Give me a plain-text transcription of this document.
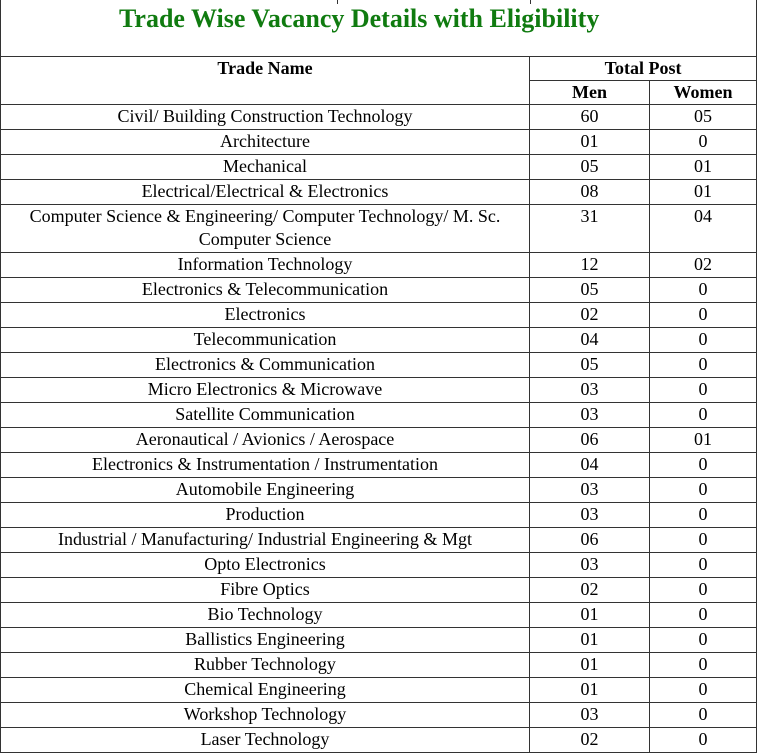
Trade Wise Vacancy Details with Eligibility		

Trade Name	Total Post	
	Men	Women
Civil/ Building Construction Technology	60	05
Architecture	01	0
Mechanical	05	01
Electrical/Electrical & Electronics	08	01
Computer Science & Engineering/ Computer Technology/ M. Sc. Computer Science	31	04
Information Technology	12	02
Electronics & Telecommunication	05	0
Electronics	02	0
Telecommunication	04	0
Electronics & Communication	05	0
Micro Electronics & Microwave	03	0
Satellite Communication	03	0
Aeronautical / Avionics / Aerospace	06	01
Electronics & Instrumentation / Instrumentation	04	0
Automobile Engineering	03	0
Production	03	0
Industrial / Manufacturing/ Industrial Engineering & Mgt	06	0
Opto Electronics	03	0
Fibre Optics	02	0
Bio Technology	01	0
Ballistics Engineering	01	0
Rubber Technology	01	0
Chemical Engineering	01	0
Workshop Technology	03	0
Laser Technology	02	0
